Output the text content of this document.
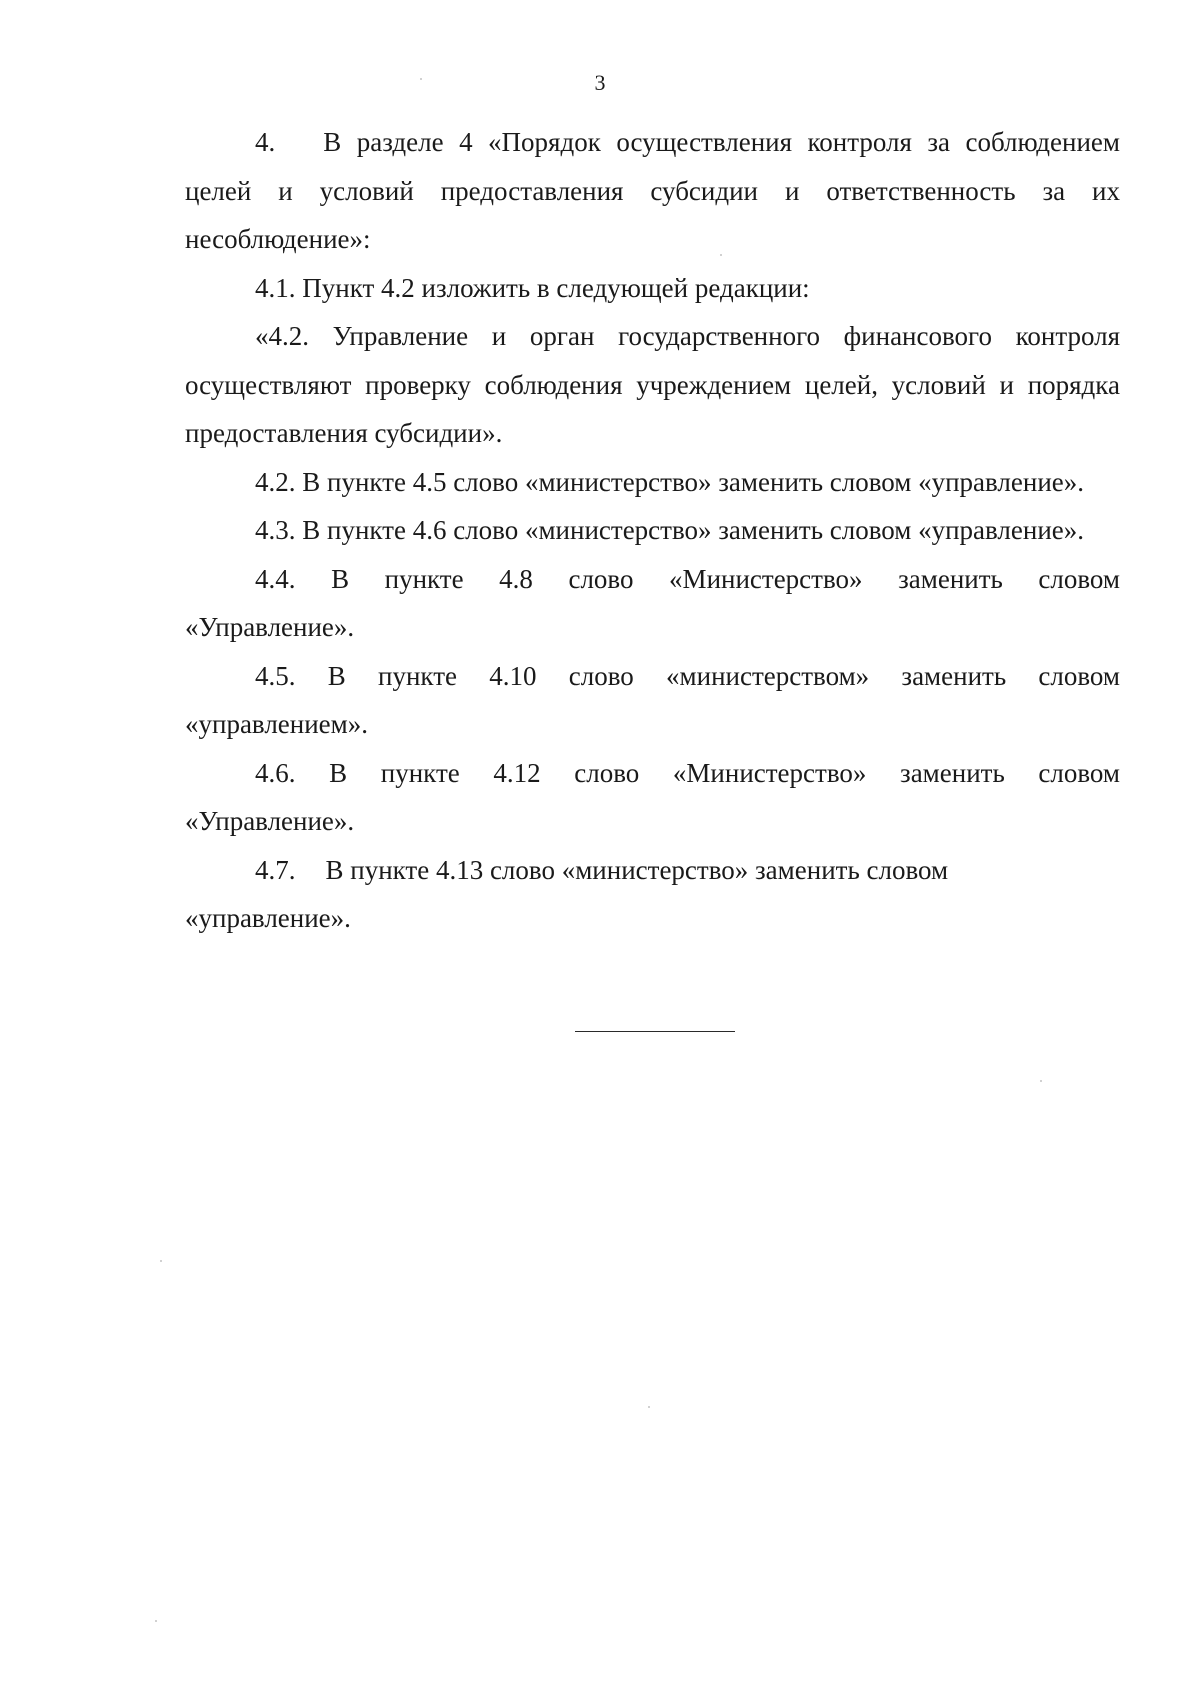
3

4. В разделе 4 «Порядок осуществления контроля за соблюдением целей и условий предоставления субсидии и ответственность за их несоблюдение»:

4.1. Пункт 4.2 изложить в следующей редакции:

«4.2. Управление и орган государственного финансового контроля осуществляют проверку соблюдения учреждением целей, условий и порядка предоставления субсидии».

4.2. В пункте 4.5 слово «министерство» заменить словом «управление».

4.3. В пункте 4.6 слово «министерство» заменить словом «управление».

4.4. В пункте 4.8 слово «Министерство» заменить словом

«Управление».

4.5. В пункте 4.10 слово «министерством» заменить словом

«управлением».

4.6. В пункте 4.12 слово «Министерство» заменить словом

«Управление».

4.7. В пункте 4.13 слово «министерство» заменить словом

«управление».
